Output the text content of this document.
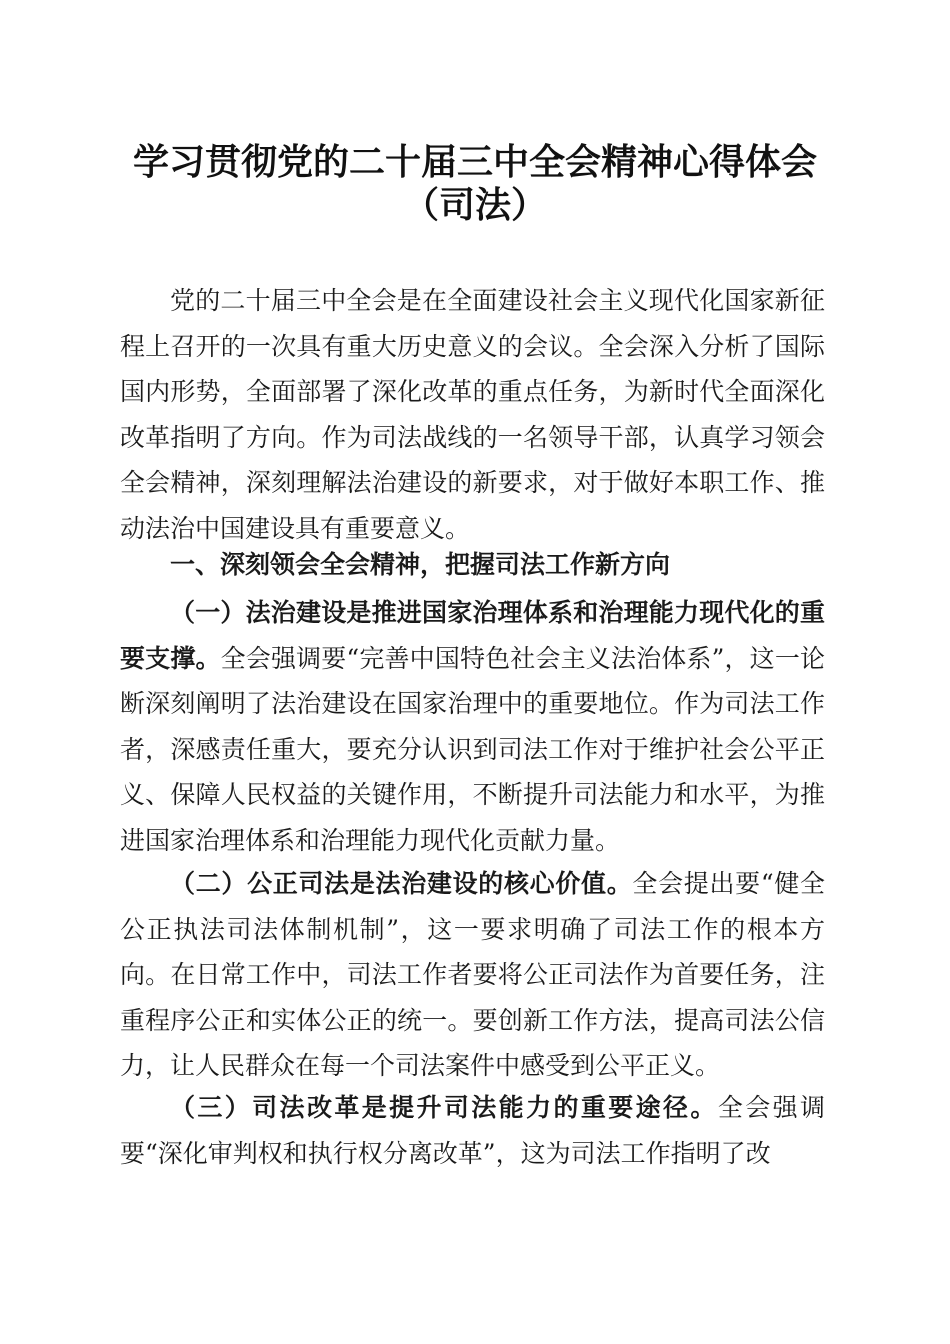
学习贯彻党的二十届三中全会精神心得体会
（司法）
党的二十届三中全会是在全面建设社会主义现代化国家新征程上召开的一次具有重大历史意义的会议。全会深入分析了国际国内形势，全面部署了深化改革的重点任务，为新时代全面深化改革指明了方向。作为司法战线的一名领导干部，认真学习领会全会精神，深刻理解法治建设的新要求，对于做好本职工作、推动法治中国建设具有重要意义。
一、深刻领会全会精神，把握司法工作新方向
（一）法治建设是推进国家治理体系和治理能力现代化的重要支撑。全会强调要“完善中国特色社会主义法治体系”，这一论断深刻阐明了法治建设在国家治理中的重要地位。作为司法工作者，深感责任重大，要充分认识到司法工作对于维护社会公平正义、保障人民权益的关键作用，不断提升司法能力和水平，为推进国家治理体系和治理能力现代化贡献力量。
（二）公正司法是法治建设的核心价值。全会提出要“健全公正执法司法体制机制”，这一要求明确了司法工作的根本方向。在日常工作中，司法工作者要将公正司法作为首要任务，注重程序公正和实体公正的统一。要创新工作方法，提高司法公信力，让人民群众在每一个司法案件中感受到公平正义。
（三）司法改革是提升司法能力的重要途径。全会强调要“深化审判权和执行权分离改革”，这为司法工作指明了改
